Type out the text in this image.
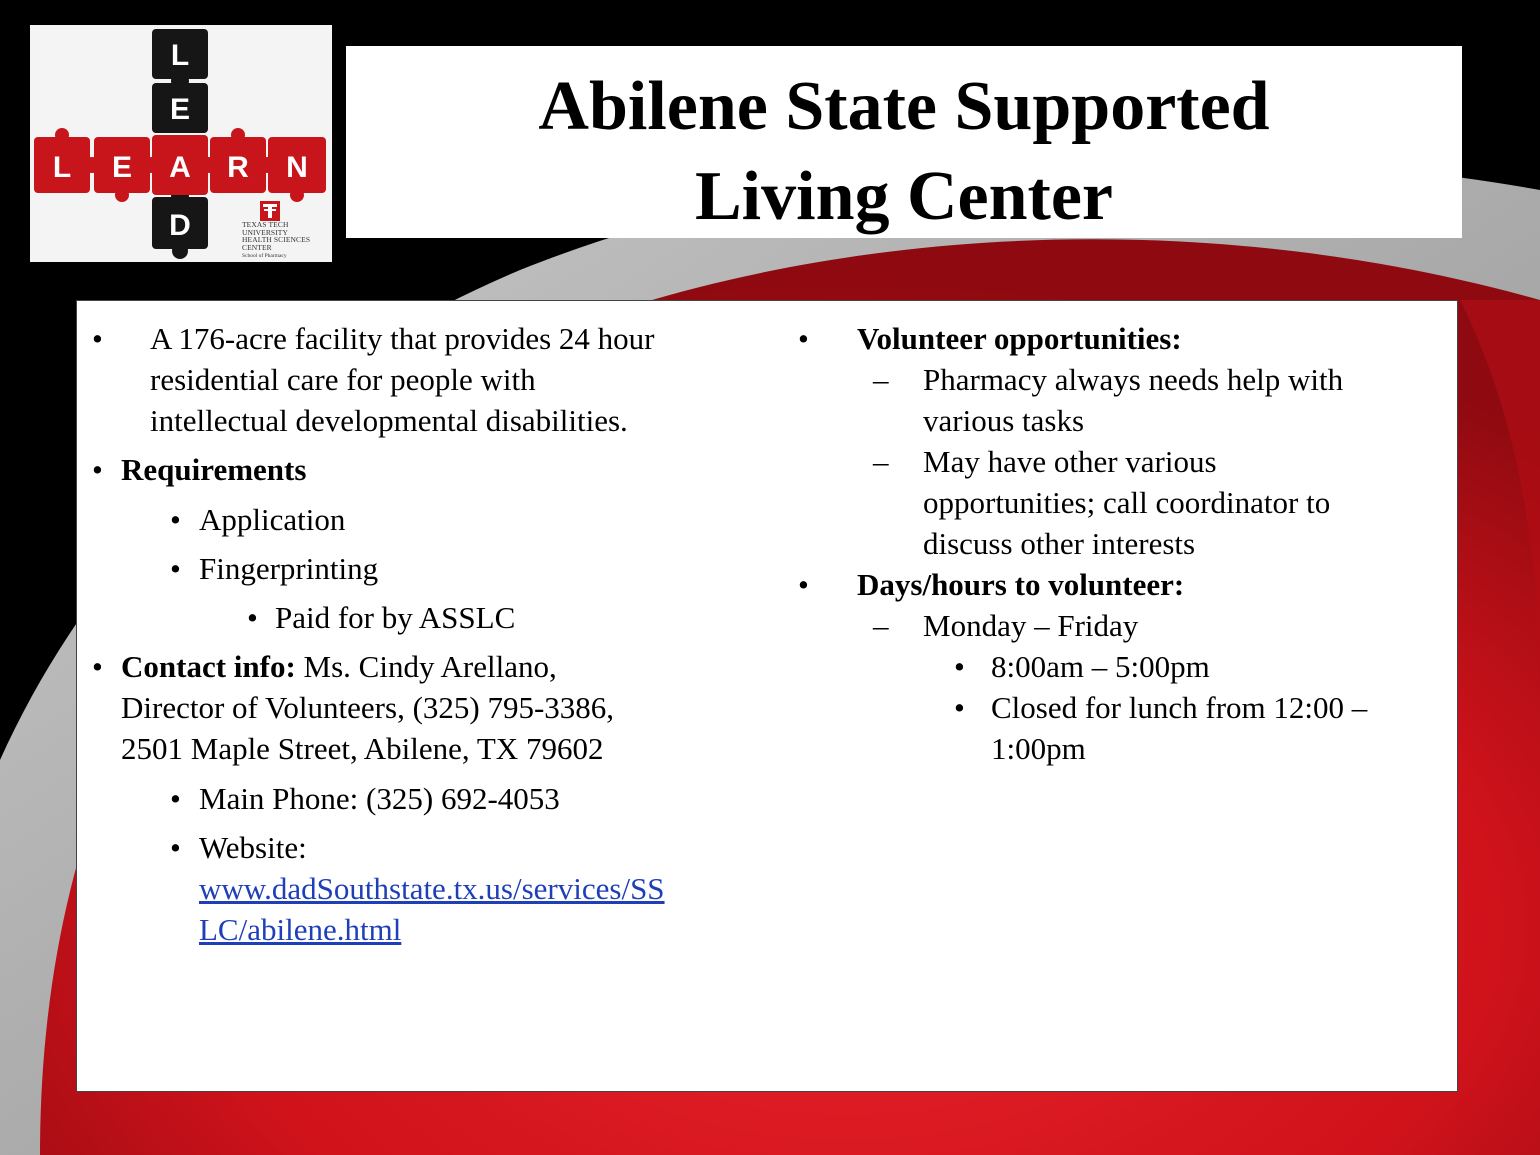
L
E
D
L E A R N
TEXAS TECH UNIVERSITY
HEALTH SCIENCES CENTER
School of Pharmacy
Abilene State Supported
Living Center
• A 176-acre facility that provides 24 hour
residential care for people with
intellectual developmental disabilities.
• Requirements
• Application
• Fingerprinting
• Paid for by ASSLC
• Contact info: Ms. Cindy Arellano,
Director of Volunteers, (325) 795-3386,
2501 Maple Street, Abilene, TX 79602
• Main Phone: (325) 692-4053
• Website:
www.dadSouthstate.tx.us/services/SS
LC/abilene.html
• Volunteer opportunities:
– Pharmacy always needs help with
various tasks
– May have other various
opportunities; call coordinator to
discuss other interests
• Days/hours to volunteer:
– Monday – Friday
• 8:00am – 5:00pm
• Closed for lunch from 12:00 –
1:00pm
